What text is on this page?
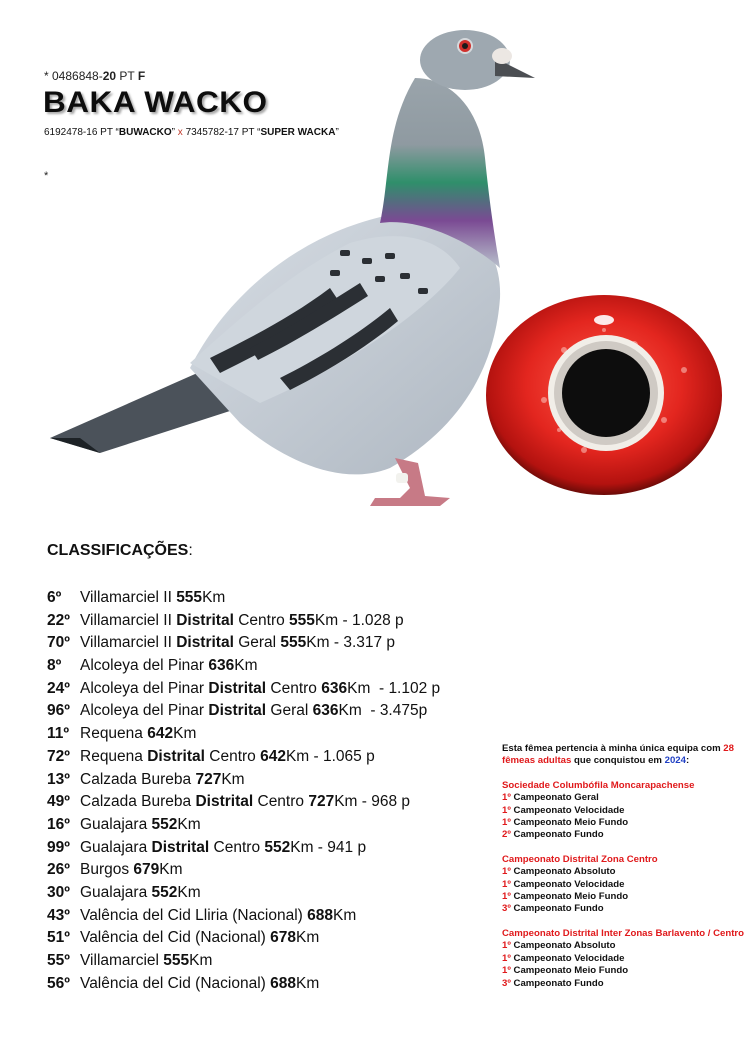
* 0486848-20 PT F
BAKA WACKO
6192478-16 PT “BUWACKO” x 7345782-17 PT “SUPER WACKA”
*
CLASSIFICAÇÕES:
6º	Villamarciel II 555Km
22º Villamarciel II Distrital Centro 555Km - 1.028 p
70º Villamarciel II Distrital Geral 555Km - 3.317 p
8º	Alcoleya del Pinar 636Km
24º Alcoleya del Pinar Distrital Centro 636Km  - 1.102 p
96º Alcoleya del Pinar Distrital Geral 636Km  - 3.475p
11º Requena 642Km
72º Requena Distrital Centro 642Km - 1.065 p
13º Calzada Bureba 727Km
49º Calzada Bureba Distrital Centro 727Km - 968 p
16º Gualajara 552Km
99º Gualajara Distrital Centro 552Km - 941 p
26º Burgos 679Km
30º Gualajara 552Km
43º Valência del Cid Lliria (Nacional) 688Km
51º Valência del Cid (Nacional) 678Km
55º Villamarciel 555Km
56º Valência del Cid (Nacional) 688Km
Esta fêmea pertencia à minha única equipa com 28 fêmeas adultas que conquistou em 2024:
Sociedade Columbófila Moncarapachense
1º Campeonato Geral
1º Campeonato Velocidade
1º Campeonato Meio Fundo
2º Campeonato Fundo
Campeonato Distrital Zona Centro
1º Campeonato Absoluto
1º Campeonato Velocidade
1º Campeonato Meio Fundo
3º Campeonato Fundo
Campeonato Distrital Inter Zonas Barlavento / Centro
1º Campeonato Absoluto
1º Campeonato Velocidade
1º Campeonato Meio Fundo
3º Campeonato Fundo
